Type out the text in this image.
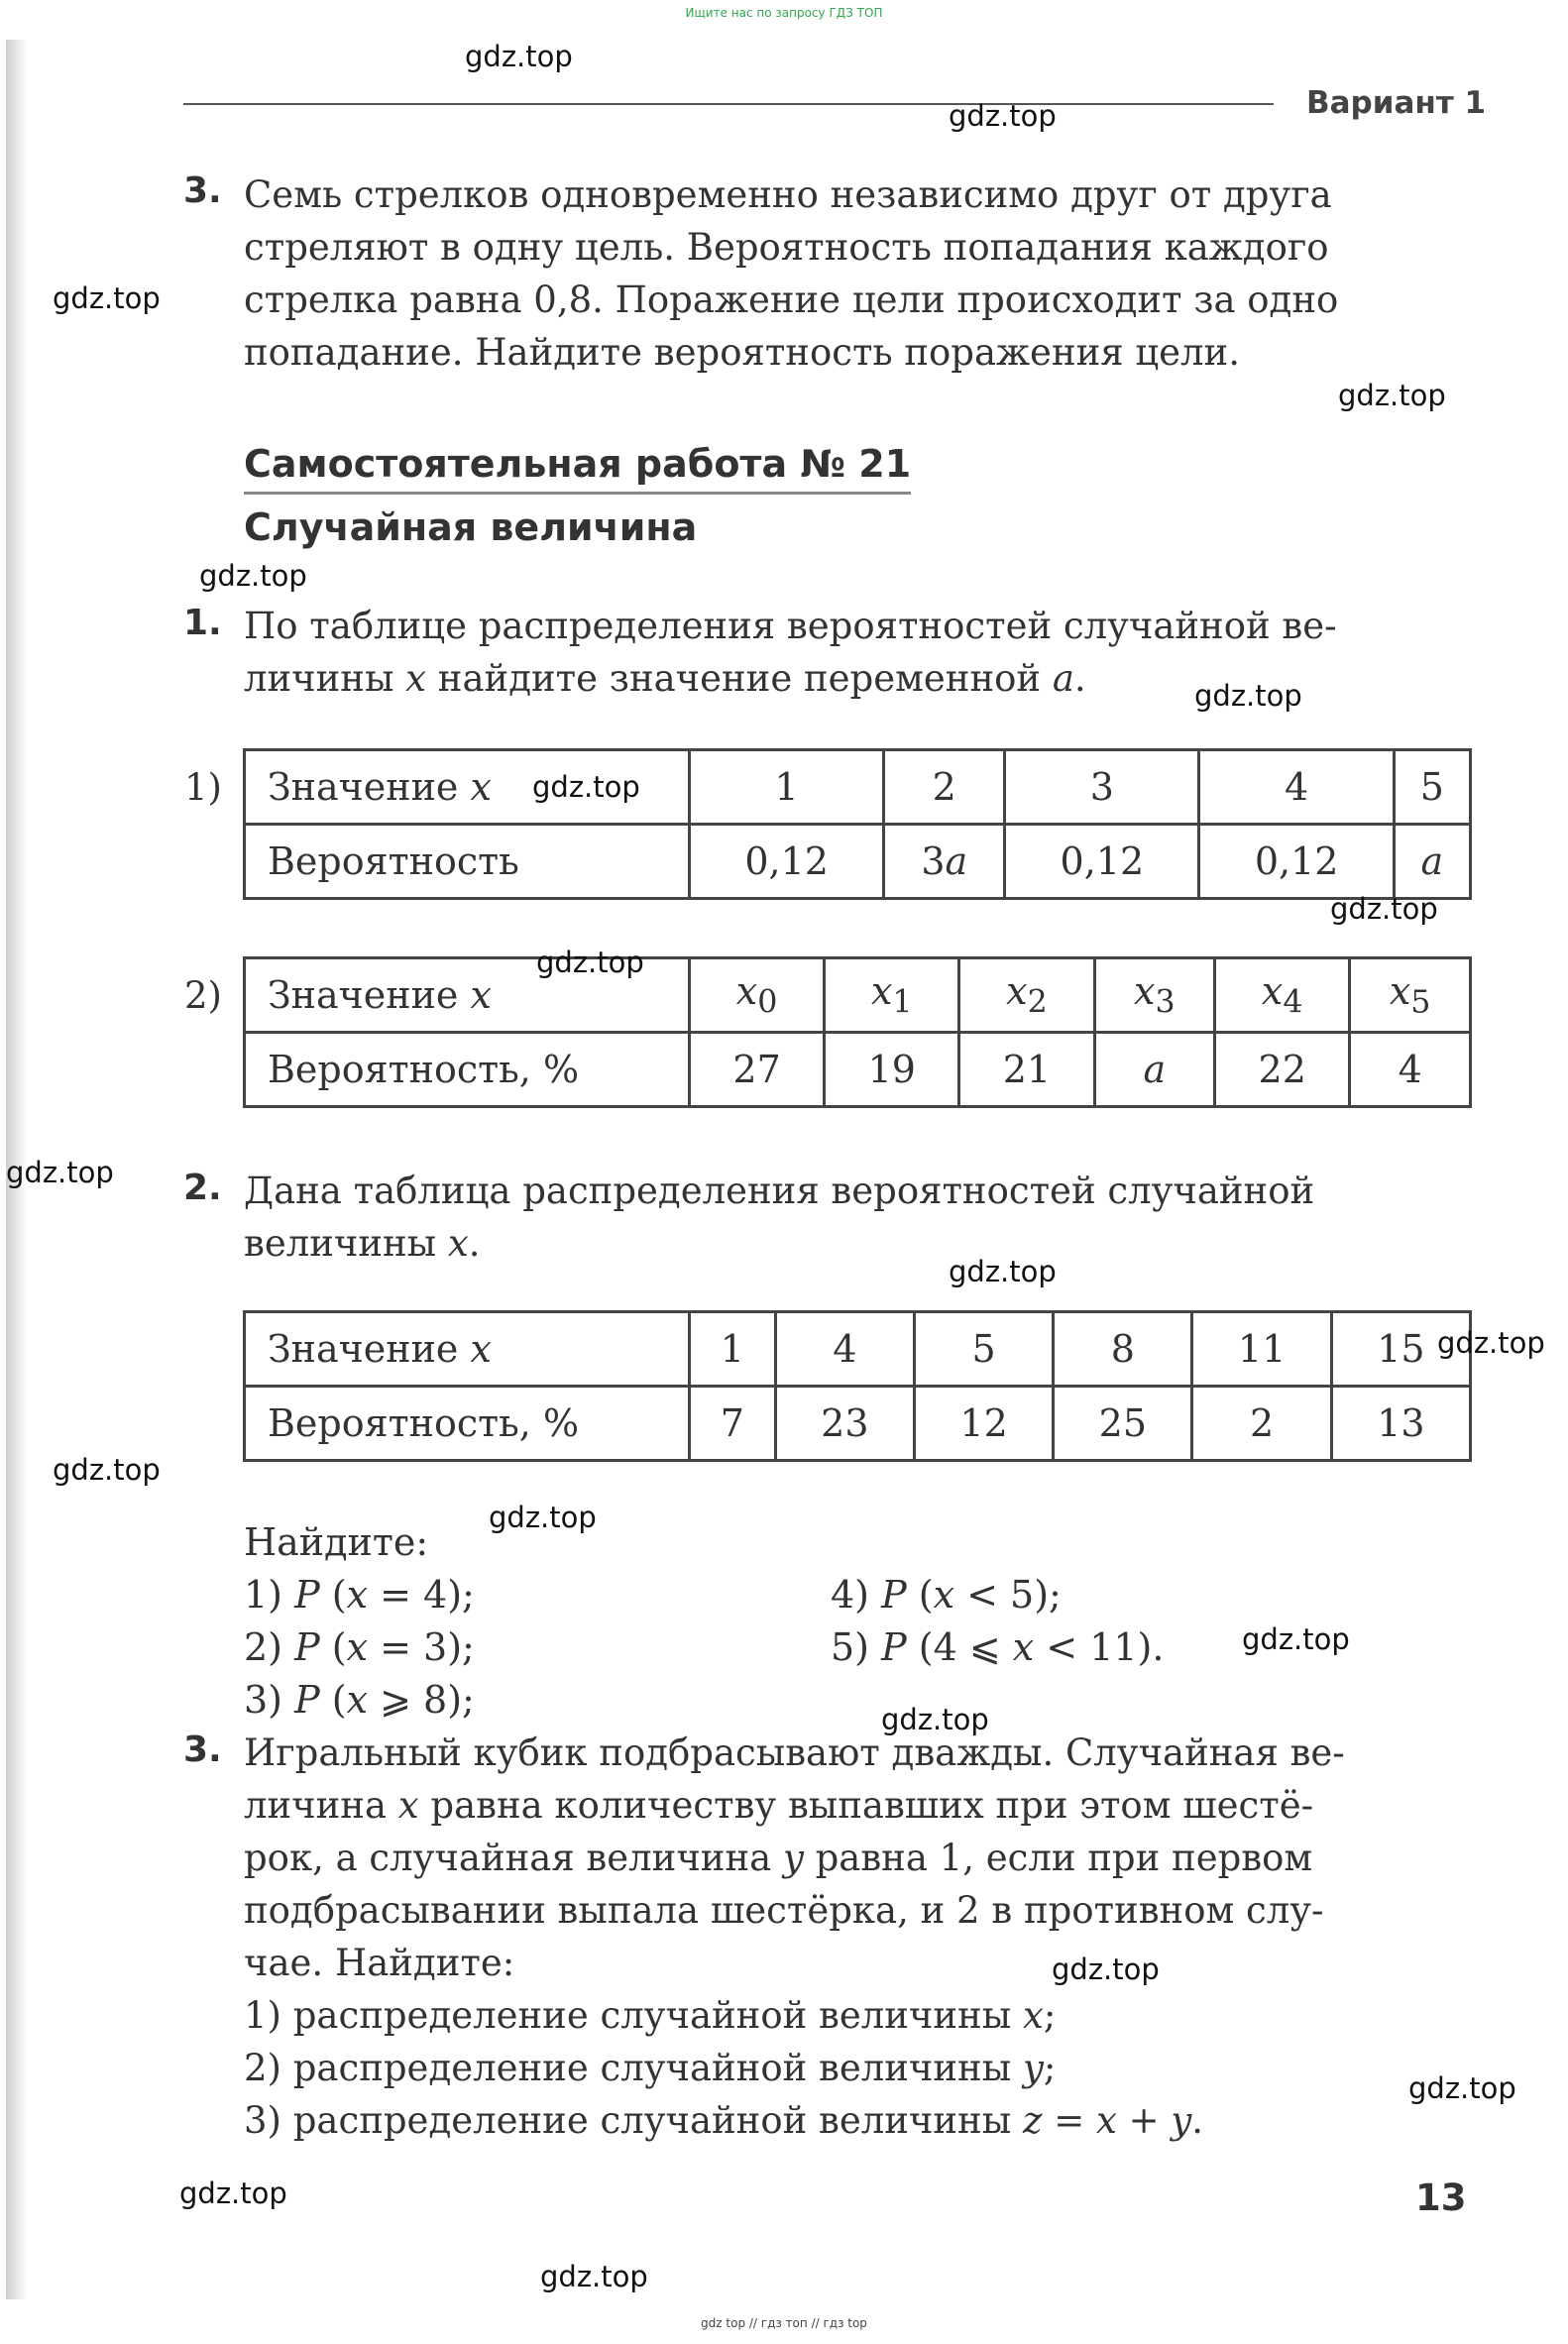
Ищите нас по запросу ГДЗ ТОП
Вариант 1
3. Семь стрелков одновременно независимо друг от друга
стреляют в одну цель. Вероятность попадания каждого
стрелка равна 0,8. Поражение цели происходит за одно
попадание. Найдите вероятность поражения цели.
Самостоятельная работа № 21
Случайная величина
1. По таблице распределения вероятностей случайной ве-
личины x найдите значение переменной a.
1) Значение x	1	2	3	4	5
Вероятность	0,12	3a	0,12	0,12	a
2) Значение x	$x_0$	$x_1$	$x_2$	$x_3$	$x_4$	$x_5$
Вероятность, %	27	19	21	a	22	4
2. Дана таблица распределения вероятностей случайной
величины x.
Значение x	1	4	5	8	11	15
Вероятность, %	7	23	12	25	2	13
Найдите:
1) P (x = 4);
2) P (x = 3);
3) P (x ⩾ 8);
4) P (x < 5);
5) P (4 ⩽ x < 11).
3. Игральный кубик подбрасывают дважды. Случайная ве-
личина x равна количеству выпавших при этом шестё-
рок, а случайная величина y равна 1, если при первом
подбрасывании выпала шестёрка, и 2 в противном слу-
чае. Найдите:
1) распределение случайной величины x;
2) распределение случайной величины y;
3) распределение случайной величины z = x + y.
13
gdz.top
gdz.top
gdz.top
gdz.top
gdz.top
gdz.top
gdz.top
gdz.top
gdz.top
gdz.top
gdz.top
gdz.top
gdz.top
gdz.top
gdz.top
gdz.top
gdz.top
gdz.top
gdz.top
gdz.top
gdz top // гдз топ // гдз top
